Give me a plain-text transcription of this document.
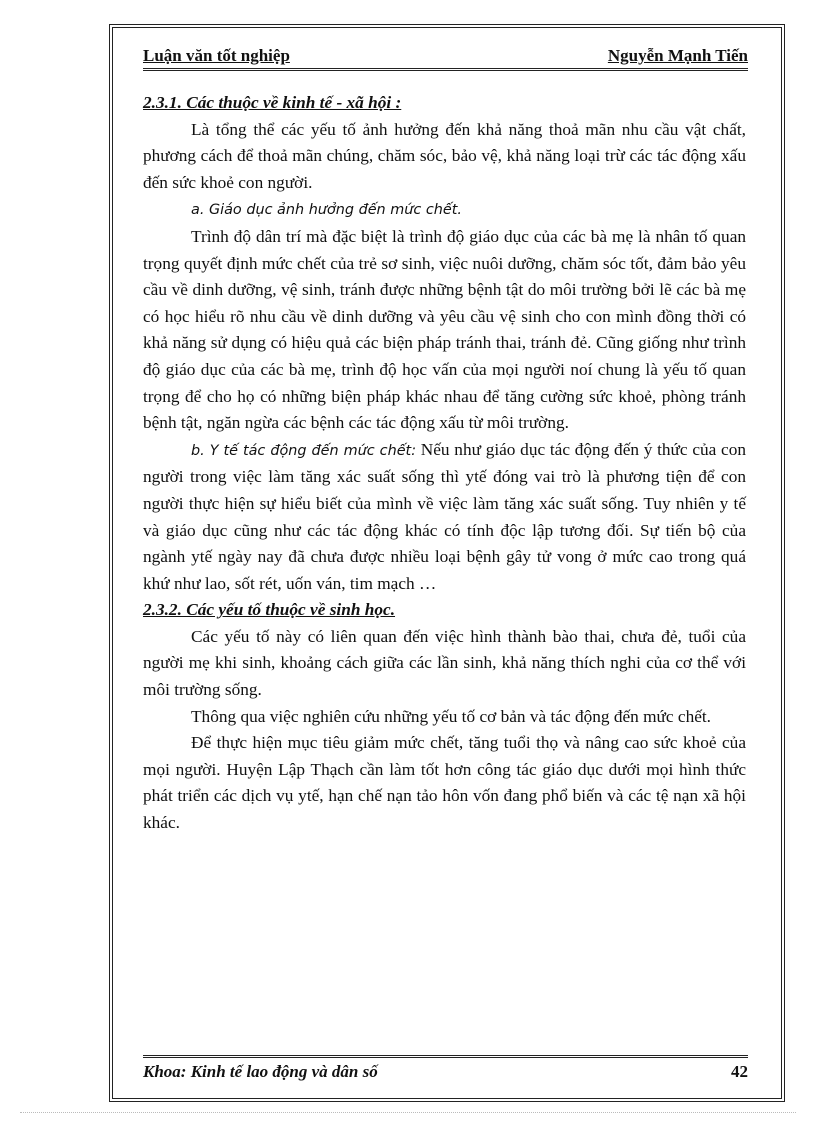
Luận văn tốt nghiệp	Nguyễn Mạnh Tiến

2.3.1. Các thuộc về kinh tế - xã hội :

Là tổng thể các yếu tố ảnh hưởng đến khả năng thoả mãn nhu cầu vật chất, phương cách để thoả mãn chúng, chăm sóc, bảo vệ, khả năng loại trừ các tác động xấu đến sức khoẻ con người.

a. Giáo dục ảnh hưởng đến mức chết.

Trình độ dân trí mà đặc biệt là trình độ giáo dục của các bà mẹ là nhân tố quan trọng quyết định mức chết của trẻ sơ sinh, việc nuôi dưỡng, chăm sóc tốt, đảm bảo yêu cầu về dinh dưỡng, vệ sinh, tránh được những bệnh tật do môi trường bởi lẽ các bà mẹ có học hiểu rõ nhu cầu về dinh dưỡng và yêu cầu vệ sinh cho con mình đồng thời có khả năng sử dụng có hiệu quả các biện pháp tránh thai, tránh đẻ. Cũng giống như trình độ giáo dục của các bà mẹ, trình độ học vấn của mọi người noí chung là yếu tố quan trọng để cho họ có những biện pháp khác nhau để tăng cường sức khoẻ, phòng tránh bệnh tật, ngăn ngừa các bệnh các tác động xấu từ môi trường.

b. Y tế tác động đến mức chết: Nếu như giáo dục tác động đến ý thức của con người trong việc làm tăng xác suất sống thì ytế đóng vai trò là phương tiện để con người thực hiện sự hiểu biết của mình về việc làm tăng xác suất sống. Tuy nhiên y tế và giáo dục cũng như các tác động khác có tính độc lập tương đối. Sự tiến bộ của ngành ytế ngày nay đã chưa được nhiều loại bệnh gây tử vong ở mức cao trong quá khứ như lao, sốt rét, uốn ván, tim mạch …

2.3.2. Các yếu tố thuộc về sinh học.

Các yếu tố này có liên quan đến việc hình thành bào thai, chưa đẻ, tuổi của người mẹ khi sinh, khoảng cách giữa các lần sinh, khả năng thích nghi của cơ thể với môi trường sống.

Thông qua việc nghiên cứu những yếu tố cơ bản và tác động đến mức chết.

Để thực hiện mục tiêu giảm mức chết, tăng tuổi thọ và nâng cao sức khoẻ của mọi người. Huyện Lập Thạch cần làm tốt hơn công tác giáo dục dưới mọi hình thức phát triển các dịch vụ ytế, hạn chế nạn tảo hôn vốn đang phổ biến và các tệ nạn xã hội khác.

Khoa: Kinh tế lao động và dân số	42
